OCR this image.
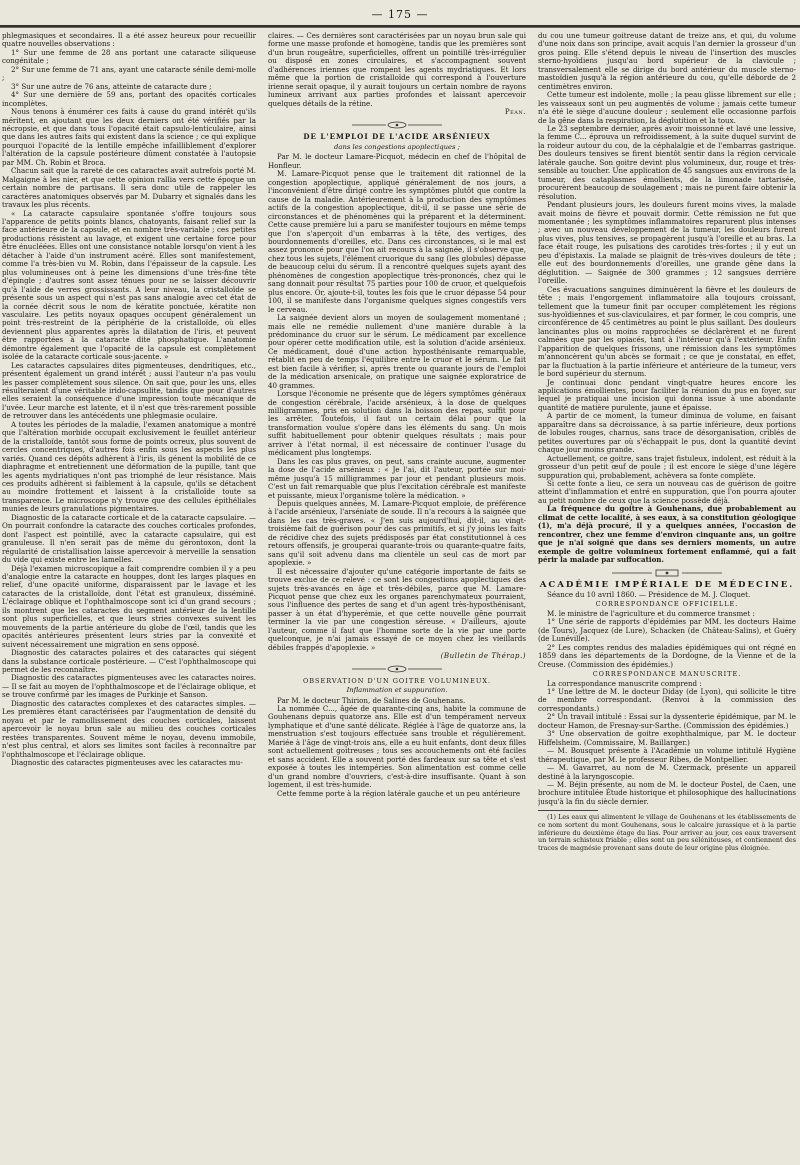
— 175 —

phlegmasiques et secondaires. Il a été assez heureux pour recueillir quatre nouvelles observations :

1° Sur une femme de 28 ans portant une cataracte siliqueuse congénitale ;

2° Sur une femme de 71 ans, ayant une cataracte sénile demi-molle ;

3° Sur une autre de 76 ans, atteinte de cataracte dure ;

4° Sur une dernière de 59 ans, portant des opacités corticales incomplètes.

Nous tenons à énumérer ces faits à cause du grand intérêt qu'ils méritent, en ajoutant que les deux derniers ont été vérifiés par la nécropsie, et que dans tous l'opacité était capsulo-lenticulaire, ainsi que dans les autres faits qui existent dans la science ; ce qui explique pourquoi l'opacité de la lentille empêche infailliblement d'explorer l'altération de la capsule postérieure dûment constatée à l'autopsie par MM. Ch. Robin et Broca.

Chacun sait que la rareté de ces cataractes avait autrefois porté M. Malgaigne à les nier, et que cette opinion rallia vers cette époque un certain nombre de partisans. Il sera donc utile de rappeler les caractères anatomiques observés par M. Dubarry et signalés dans les travaux les plus récents.

« La cataracte capsulaire spontanée s'offre toujours sous l'apparence de petits points blancs, chatoyants, faisant relief sur la face antérieure de la capsule, et en nombre très-variable ; ces petites productions résistent au lavage, et exigent une certaine force pour être énucléées. Elles ont une consistance notable lorsqu'on vient à les détacher à l'aide d'un instrument acéré. Elles sont manifestement, comme l'a très-bien vu M. Robin, dans l'épaisseur de la capsule. Les plus volumineuses ont à peine les dimensions d'une très-fine tête d'épingle ; d'autres sont assez ténues pour ne se laisser découvrir qu'à l'aide de verres grossissants. A leur niveau, la cristalloïde se présente sous un aspect qui n'est pas sans analogie avec cet état de la cornée décrit sous le nom de kératite ponctuée, kératite non vasculaire. Les petits noyaux opaques occupent généralement un point très-restreint de la périphérie de la cristalloïde, où elles deviennent plus apparentes après la dilatation de l'iris, et peuvent être rapportées à la cataracte dite phosphatique. L'anatomie démontre également que l'opacité de la capsule est complètement isolée de la cataracte corticale sous-jacente. »

Les cataractes capsulaires dites pigmenteuses, dendritiques, etc., présentent également un grand intérêt ; aussi l'auteur n'a pas voulu les passer complètement sous silence. On sait que, pour les uns, elles résulteraient d'une véritable irido-capsulite, tandis que pour d'autres elles seraient la conséquence d'une impression toute mécanique de l'uvée. Leur marche est latente, et il n'est que très-rarement possible de retrouver dans les antécédents une phlegmasie oculaire.

A toutes les périodes de la maladie, l'examen anatomique a montré que l'altération morbide occupait exclusivement le feuillet antérieur de la cristalloïde, tantôt sous forme de points ocreux, plus souvent de cercles concentriques, d'autres fois enfin sous les aspects les plus variés. Quand ces dépôts adhèrent à l'iris, ils génent la mobilité de ce diaphragme et entretiennent une déformation de la pupille, tant que les agents mydriatiques n'ont pas triomphé de leur résistance. Mais ces produits adhèrent si faiblement à la capsule, qu'ils se détachent au moindre frottement et laissent à la cristalloïde toute sa transparence. Le microscope n'y trouve que des cellules épithéliales munies de leurs granulations pigmentaires.

Diagnostic de la cataracte corticale et de la cataracte capsulaire. — On pourrait confondre la cataracte des couches corticales profondes, dont l'aspect est pointillé, avec la cataracte capsulaire, qui est granuleuse. Il n'en serait pas de même du gérontoxon, dont la régularité de cristallisation laisse apercevoir à merveille la sensation du vide qui existe entre les lamelles.

Déjà l'examen microscopique a fait comprendre combien il y a peu d'analogie entre la cataracte en houppes, dont les larges plaques en relief, d'une opacité uniforme, disparaissent par le lavage et les cataractes de la cristalloïde, dont l'état est granuleux, disséminé. L'éclairage oblique et l'ophthalmoscope sont ici d'un grand secours ; ils montrent que les cataractes du segment antérieur de la lentille sont plus superficielles, et que leurs stries convexes suivent les mouvements de la partie antérieure du globe de l'œil, tandis que les opacités antérieures présentent leurs stries par la convexité et suivent nécessairement une migration en sens opposé.

Diagnostic des cataractes polaires et des cataractes qui siégent dans la substance corticale postérieure. — C'est l'ophthalmoscope qui permet de les reconnaître.

Diagnostic des cataractes pigmenteuses avec les cataractes noires. — Il se fait au moyen de l'ophthalmoscope et de l'éclairage oblique, et se trouve confirmé par les images de Purkinje et Sanson.

Diagnostic des cataractes complexes et des cataractes simples. — Les premières étant caractérisées par l'augmentation de densité du noyau et par le ramollissement des couches corticales, laissent apercevoir le noyau brun sale au milieu des couches corticales restées transparentes. Souvent même le noyau, devenu immobile, n'est plus central, et alors ses limites sont faciles à reconnaître par l'ophthalmoscope et l'éclairage oblique.

Diagnostic des cataractes pigmenteuses avec les cataractes mu-

claires. — Ces dernières sont caractérisées par un noyau brun sale qui forme une masse profonde et homogène, tandis que les premières sont d'un brun rougeâtre, superficielles, offrent un pointillé très-irrégulier ou disposé en zones circulaires, et s'accompagnent souvent d'adhérences iriennes que rompent les agents mydriatiques. Et lors même que la portion de cristalloïde qui correspond à l'ouverture irienne serait opaque, il y aurait toujours un certain nombre de rayons lumineux arrivant aux parties profondes et laissant apercevoir quelques détails de la rétine.

Péan.

DE L'EMPLOI DE L'ACIDE ARSÉNIEUX
dans les congestions apoplectiques ;

Par M. le docteur Lamare-Picquot, médecin en chef de l'hôpital de Honfleur.

M. Lamare-Picquot pense que le traitement dit rationnel de la congestion apoplectique, appliqué généralement de nos jours, a l'inconvénient d'être dirigé contre les symptômes plutôt que contre la cause de la maladie. Antérieurement à la production des symptômes actifs de la congestion apoplectique, dit-il, il se passe une série de circonstances et de phénomènes qui la préparent et la déterminent. Cette cause première lui a paru se manifester toujours en même temps que l'on s'aperçoit d'un embarras à la tête, des vertiges, des bourdonnements d'oreilles, etc. Dans ces circonstances, si le mal est assez prononcé pour que l'on ait recours à la saignée, il s'observe que, chez tous les sujets, l'élément cruorique du sang (les globules) dépasse de beaucoup celui du sérum. Il a rencontré quelques sujets ayant des phénomènes de congestion apoplectique très-prononcés, chez qui le sang donnait pour résultat 75 parties pour 100 de cruor, et quelquefois plus encore. Or, ajoute-t-il, toutes les fois que le cruor dépasse 54 pour 100, il se manifeste dans l'organisme quelques signes congestifs vers le cerveau.

La saignée devient alors un moyen de soulagement momentané ; mais elle ne remédie nullement d'une manière durable à la prédominance du cruor sur le sérum. Le médicament par excellence pour opérer cette modification utile, est la solution d'acide arsénieux. Ce médicament, doué d'une action hyposthénisante remarquable, rétablit en peu de temps l'équilibre entre le cruor et le sérum. Le fait est bien facile à vérifier, si, après trente ou quarante jours de l'emploi de la médication arsenicale, on pratique une saignée exploratrice de 40 grammes.

Lorsque l'économie ne présente que de légers symptômes généraux de congestion cérébrale, l'acide arsénieux, à la dose de quelques milligrammes, pris en solution dans la boisson des repas, suffit pour les arrêter. Toutefois, il faut un certain délai pour que la transformation voulue s'opère dans les éléments du sang. Un mois suffit habituellement pour obtenir quelques résultats ; mais pour arriver à l'état normal, il est nécessaire de continuer l'usage du médicament plus longtemps.

Dans les cas plus graves, on peut, sans crainte aucune, augmenter la dose de l'acide arsénieux : « Je l'ai, dit l'auteur, portée sur moi-même jusqu'à 15 milligrammes par jour et pendant plusieurs mois. C'est un fait remarquable que plus l'excitation cérébrale est manifeste et puissante, mieux l'organisme tolère la médication. »

Depuis quelques années, M. Lamare-Picquot emploie, de préférence à l'acide arsénieux, l'arséniate de soude. Il n'a recours à la saignée que dans les cas très-graves. « J'en suis aujourd'hui, dit-il, au vingt-troisième fait de guérison pour des cas primitifs, et si j'y joins les faits de récidive chez des sujets prédisposés par état constitutionnel à ces retours offensifs, je grouperai quarante-trois ou quarante-quatre faits, sans qu'il soit advenu dans ma clientèle un seul cas de mort par apoplexie. »

Il est nécessaire d'ajouter qu'une catégorie importante de faits se trouve exclue de ce relevé : ce sont les congestions apoplectiques des sujets très-avancés en âge et très-débiles, parce que M. Lamare-Picquot pense que chez eux les organes parenchymateux pourraient, sous l'influence des pertes de sang et d'un agent très-hyposthénisant, passer à un état d'hyperémie, et que cette nouvelle gêne pourrait terminer la vie par une congestion séreuse. « D'ailleurs, ajoute l'auteur, comme il faut que l'homme sorte de la vie par une porte quelconque, je n'ai jamais essayé de ce moyen chez les vieillards débiles frappés d'apoplexie. »

(Bulletin de Thérap.)

OBSERVATION D'UN GOITRE VOLUMINEUX.
Inflammation et suppuration.

Par M. le docteur Thirion, de Salines de Gouhenans.

La nommée C..., âgée de quarante-cinq ans, habite la commune de Gouhenans depuis quatorze ans. Elle est d'un tempérament nerveux lymphatique et d'une santé délicate. Réglée à l'âge de quatorze ans, la menstruation s'est toujours effectuée sans trouble et régulièrement. Mariée à l'âge de vingt-trois ans, elle a eu huit enfants, dont deux filles sont actuellement goitreuses ; tous ses accouchements ont été faciles et sans accident. Elle a souvent porté des fardeaux sur sa tête et s'est exposée à toutes les intempéries. Son alimentation est comme celle d'un grand nombre d'ouvriers, c'est-à-dire insuffisante. Quant à son logement, il est très-humide.

Cette femme porte à la région latérale gauche et un peu antérieure

du cou une tumeur goitreuse datant de treize ans, et qui, du volume d'une noix dans son principe, avait acquis l'an dernier la grosseur d'un gros poing. Elle s'étend depuis le niveau de l'insertion des muscles sterno-hyoïdiens jusqu'au bord supérieur de la clavicule ; transversalement elle se dirige du bord antérieur du muscle sterno-mastoïdien jusqu'à la région antérieure du cou, qu'elle déborde de 2 centimètres environ.

Cette tumeur est indolente, molle ; la peau glisse librement sur elle ; les vaisseaux sont un peu augmentés de volume ; jamais cette tumeur n'a été le siège d'aucune douleur ; seulement elle occasionne parfois de la gêne dans la respiration, la déglutition et la toux.

Le 23 septembre dernier, après avoir moissonné et lavé une lessive, la femme C... éprouva un refroidissement, à la suite duquel survint de la roideur autour du cou, de la céphalalgie et de l'embarras gastrique. Des douleurs tensives se firent bientôt sentir dans la région cervicale latérale gauche. Son goitre devint plus volumineux, dur, rouge et très-sensible au toucher. Une application de 45 sangsues aux environs de la tumeur, des cataplasmes émollients, de la limonade tartarisée, procurèrent beaucoup de soulagement ; mais ne purent faire obtenir la résolution.

Pendant plusieurs jours, les douleurs furent moins vives, la malade avait moins de fièvre et pouvait dormir. Cette rémission ne fut que momentanée ; les symptômes inflammatoires reparurent plus intenses ; avec un nouveau développement de la tumeur, les douleurs furent plus vives, plus tensives, se propagèrent jusqu'à l'oreille et au bras. La face était rouge, les pulsations des carotides très-fortes ; il y eut un peu d'épistaxis. La malade se plaignit de très-vives douleurs de tête ; elle eut des bourdonnements d'oreilles, une grande gêne dans la déglutition. — Saignée de 300 grammes ; 12 sangsues derrière l'oreille.

Ces évacuations sanguines diminuèrent la fièvre et les douleurs de tête ; mais l'engorgement inflammatoire alla toujours croissant, tellement que la tumeur finit par occuper complétement les régions sus-hyoïdiennes et sus-claviculaires, et par former, le cou compris, une circonférence de 45 centimètres au point le plus saillant. Des douleurs lancinantes plus ou moins rapprochées se déclarèrent et ne furent calmées que par les opiacés, tant à l'intérieur qu'à l'extérieur. Enfin l'apparition de quelques frissons, une rémission dans les symptômes m'annoncèrent qu'un abcès se formait ; ce que je constatai, en effet, par la fluctuation à la partie inférieure et antérieure de la tumeur, vers le bord supérieur du sternum.

Je continuai donc pendant vingt-quatre heures encore les applications émollientes, pour faciliter la réunion du pus en foyer, sur lequel je pratiquai une incision qui donna issue à une abondante quantité de matière purulente, jaune et épaisse.

A partir de ce moment, la tumeur diminua de volume, en faisant apparaître dans sa décroissance, à sa partie inférieure, deux portions de lobules rouges, charnus, sans trace de désorganisation, criblés de petites ouvertures par où s'échappait le pus, dont la quantité devint chaque jour moins grande.

Actuellement, ce goitre, sans trajet fistuleux, indolent, est réduit à la grosseur d'un petit œuf de poule ; il est encore le siège d'une légère suppuration qui, probablement, achèvera sa fonte complète.

Si cette fonte a lieu, ce sera un nouveau cas de guérison de goitre atteint d'inflammation et entré en suppuration, que l'on pourra ajouter au petit nombre de ceux que la science possède déjà.

La fréquence du goitre à Gouhenans, due probablement au climat de cette localité, à ses eaux, à sa constitution géologique (1), m'a déjà procuré, il y a quelques années, l'occasion de rencontrer, chez une femme d'environ cinquante ans, un goitre que je n'ai soigné que dans ses derniers moments, un autre exemple de goitre volumineux fortement enflammé, qui a fait périr la malade par suffocation.

ACADÉMIE IMPÉRIALE DE MÉDECINE.

Séance du 10 avril 1860. — Présidence de M. J. Cloquet.

CORRESPONDANCE OFFICIELLE.

M. le ministre de l'agriculture et du commerce transmet :

1° Une série de rapports d'épidémies par MM. les docteurs Haime (de Tours), Jacquez (de Lure), Schacken (de Château-Salins), et Guéry (de Lunéville).

2° Les comptes rendus des maladies épidémiques qui ont régné en 1859 dans les départements de la Dordogne, de la Vienne et de la Creuse. (Commission des épidémies.)

CORRESPONDANCE MANUSCRITE.

La correspondance manuscrite comprend :

1° Une lettre de M. le docteur Diday (de Lyon), qui sollicite le titre de membre correspondant. (Renvoi à la commission des correspondants.)

2° Un travail intitulé : Essai sur la dyssenterie épidémique, par M. le docteur Hamon, de Fresnay-sur-Sarthe. (Commission des épidémies.)

3° Une observation de goitre exophthalmique, par M. le docteur Hiffelsheim. (Commissaire, M. Baillarger.)

— M. Bousquet présente à l'Académie un volume intitulé Hygiène thérapeutique, par M. le professeur Ribes, de Montpellier.

— M. Gavarret, au nom de M. Czermack, présente un appareil destiné à la laryngoscopie.

— M. Béjin présente, au nom de M. le docteur Postel, de Caen, une brochure intitulée Étude historique et philosophique des hallucinations jusqu'à la fin du siècle dernier.

(1) Les eaux qui alimentent le village de Gouhenans et les établissements de ce nom sortent du mont Gouhenans, sous le calcaire jurassique et à la partie inférieure du deuxième étage du lias. Pour arriver au jour, ces eaux traversent un terrain schisteux friable ; elles sont un peu séléniteuses, et contiennent des traces de magnésie provenant sans doute de leur origine plus éloignée.
